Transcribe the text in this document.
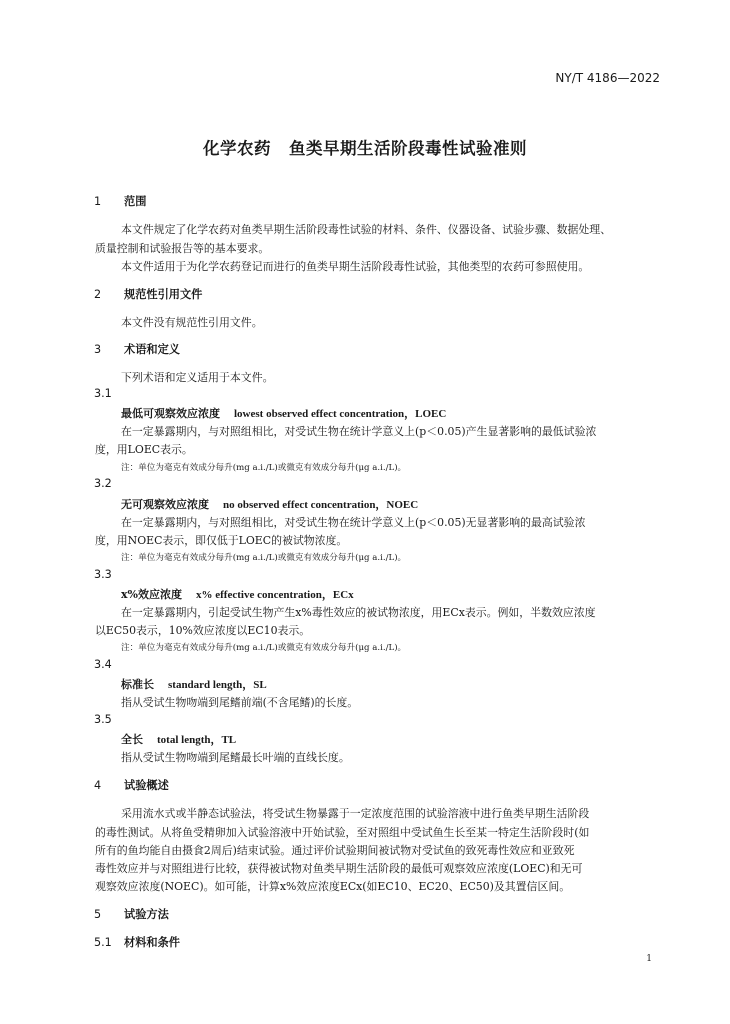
NY/T 4186—2022
化学农药 鱼类早期生活阶段毒性试验准则
1 范围
本文件规定了化学农药对鱼类早期生活阶段毒性试验的材料、条件、仪器设备、试验步骤、数据处理、
质量控制和试验报告等的基本要求。
本文件适用于为化学农药登记而进行的鱼类早期生活阶段毒性试验，其他类型的农药可参照使用。
2 规范性引用文件
本文件没有规范性引用文件。
3 术语和定义
下列术语和定义适用于本文件。
3.1
最低可观察效应浓度 lowest observed effect concentration，LOEC
在一定暴露期内，与对照组相比，对受试生物在统计学意义上(p＜0.05)产生显著影响的最低试验浓
度，用LOEC表示。
注：单位为毫克有效成分每升(mg a.i./L)或微克有效成分每升(μg a.i./L)。
3.2
无可观察效应浓度 no observed effect concentration，NOEC
在一定暴露期内，与对照组相比，对受试生物在统计学意义上(p＜0.05)无显著影响的最高试验浓
度，用NOEC表示，即仅低于LOEC的被试物浓度。
注：单位为毫克有效成分每升(mg a.i./L)或微克有效成分每升(μg a.i./L)。
3.3
x%效应浓度 x% effective concentration，ECx
在一定暴露期内，引起受试生物产生x%毒性效应的被试物浓度，用ECx表示。例如，半数效应浓度
以EC50表示，10%效应浓度以EC10表示。
注：单位为毫克有效成分每升(mg a.i./L)或微克有效成分每升(μg a.i./L)。
3.4
标准长 standard length，SL
指从受试生物吻端到尾鳍前端(不含尾鳍)的长度。
3.5
全长 total length，TL
指从受试生物吻端到尾鳍最长叶端的直线长度。
4 试验概述
采用流水式或半静态试验法，将受试生物暴露于一定浓度范围的试验溶液中进行鱼类早期生活阶段
的毒性测试。从将鱼受精卵加入试验溶液中开始试验，至对照组中受试鱼生长至某一特定生活阶段时(如
所有的鱼均能自由摄食2周后)结束试验。通过评价试验期间被试物对受试鱼的致死毒性效应和亚致死
毒性效应并与对照组进行比较，获得被试物对鱼类早期生活阶段的最低可观察效应浓度(LOEC)和无可
观察效应浓度(NOEC)。如可能，计算x%效应浓度ECx(如EC10、EC20、EC50)及其置信区间。
5 试验方法
5.1 材料和条件
1
